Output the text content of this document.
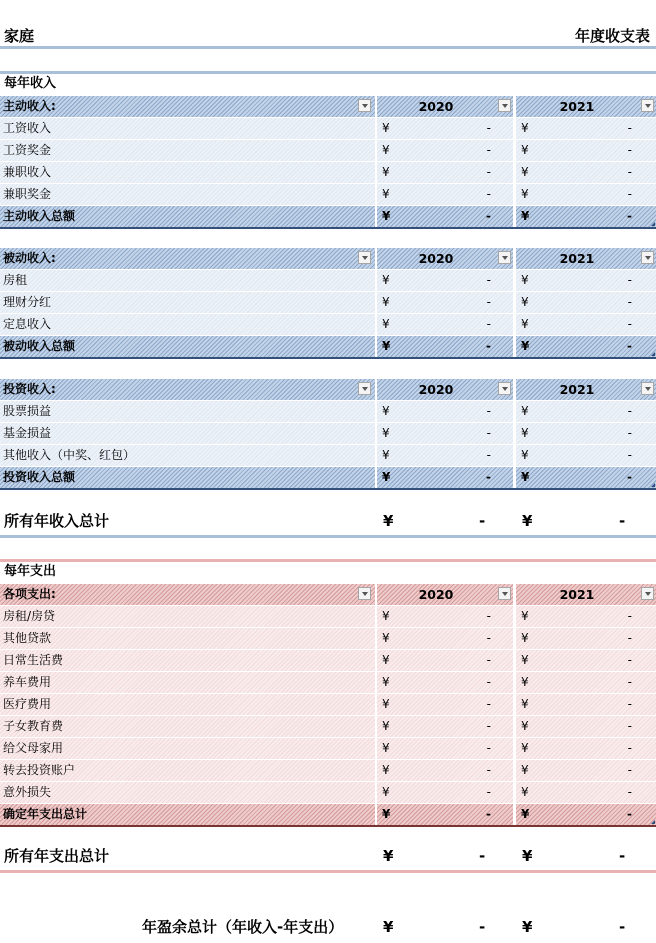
家庭	年度收支表
每年收入
主动收入:	2020	2021
工资收入	¥	-	¥	-
工资奖金	¥	-	¥	-
兼职收入	¥	-	¥	-
兼职奖金	¥	-	¥	-
主动收入总额	¥	-	¥	-
被动收入:	2020	2021
房租	¥	-	¥	-
理财分红	¥	-	¥	-
定息收入	¥	-	¥	-
被动收入总额	¥	-	¥	-
投资收入:	2020	2021
股票损益	¥	-	¥	-
基金损益	¥	-	¥	-
其他收入（中奖、红包）	¥	-	¥	-
投资收入总额	¥	-	¥	-
所有年收入总计	¥	- ¥	-
每年支出
各项支出:	2020	2021
房租/房贷	¥	-	¥	-
其他贷款	¥	-	¥	-
日常生活费	¥	-	¥	-
养车费用	¥	-	¥	-
医疗费用	¥	-	¥	-
子女教育费	¥	-	¥	-
给父母家用	¥	-	¥	-
转去投资账户	¥	-	¥	-
意外损失	¥	-	¥	-
确定年支出总计	¥	-	¥	-
所有年支出总计	¥	- ¥	-
年盈余总计（年收入-年支出）	¥	- ¥	-
